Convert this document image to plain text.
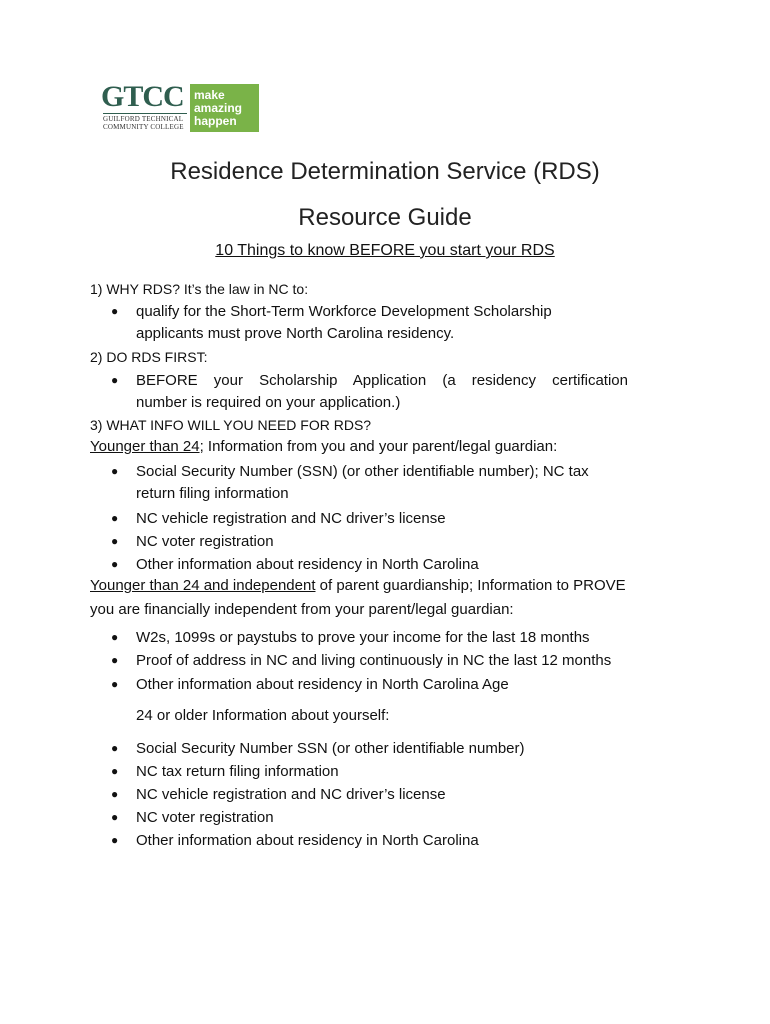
GTCC
GUILFORD TECHNICAL
COMMUNITY COLLEGE
make
amazing
happen
Residence Determination Service (RDS)
Resource Guide
10 Things to know BEFORE you start your RDS
1) WHY RDS? It’s the law in NC to:
● qualify for the Short-Term Workforce Development Scholarship
applicants must prove North Carolina residency.
2) DO RDS FIRST:
● BEFORE your Scholarship Application (a residency certification
number is required on your application.)
3) WHAT INFO WILL YOU NEED FOR RDS?
Younger than 24; Information from you and your parent/legal guardian:
● Social Security Number (SSN) (or other identifiable number); NC tax
return filing information
● NC vehicle registration and NC driver’s license
● NC voter registration
● Other information about residency in North Carolina
Younger than 24 and independent of parent guardianship; Information to PROVE
you are financially independent from your parent/legal guardian:
● W2s, 1099s or paystubs to prove your income for the last 18 months
● Proof of address in NC and living continuously in NC the last 12 months
● Other information about residency in North Carolina Age
24 or older Information about yourself:
● Social Security Number SSN (or other identifiable number)
● NC tax return filing information
● NC vehicle registration and NC driver’s license
● NC voter registration
● Other information about residency in North Carolina
